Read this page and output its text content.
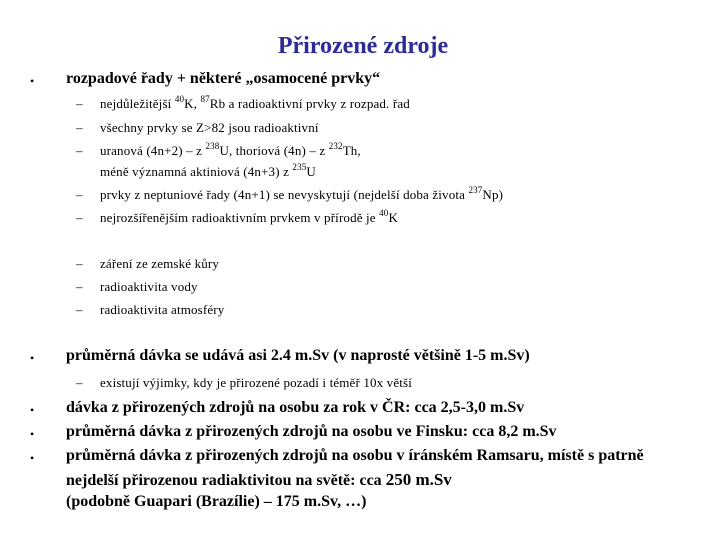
Přirozené zdroje
• rozpadové řady + některé „osamocené prvky“
– nejdůležitější $^{40}$K, $^{87}$Rb a radioaktivní prvky z rozpad. řad
– všechny prvky se Z>82 jsou radioaktivní
– uranová (4n+2) – z $^{238}$U, thoriová (4n) – z $^{232}$Th,
méně významná aktiniová (4n+3) z $^{235}$U
– prvky z neptuniové řady (4n+1) se nevyskytují (nejdelší doba života $^{237}$Np)
– nejrozšířenějším radioaktivním prvkem v přírodě je $^{40}$K
– záření ze zemské kůry
– radioaktivita vody
– radioaktivita atmosféry
• průměrná dávka se udává asi 2.4 m.Sv (v naprosté většině 1-5 m.Sv)
– existují výjimky, kdy je přirozené pozadí i téměř 10x větší
• dávka z přirozených zdrojů na osobu za rok v ČR: cca 2,5-3,0 m.Sv
• průměrná dávka z přirozených zdrojů na osobu ve Finsku: cca 8,2 m.Sv
• průměrná dávka z přirozených zdrojů na osobu v íránském Ramsaru, místě s patrně
nejdelší přirozenou radiaktivitou na světě: cca 250 m.Sv
(podobně Guapari (Brazílie) – 175 m.Sv, …)
